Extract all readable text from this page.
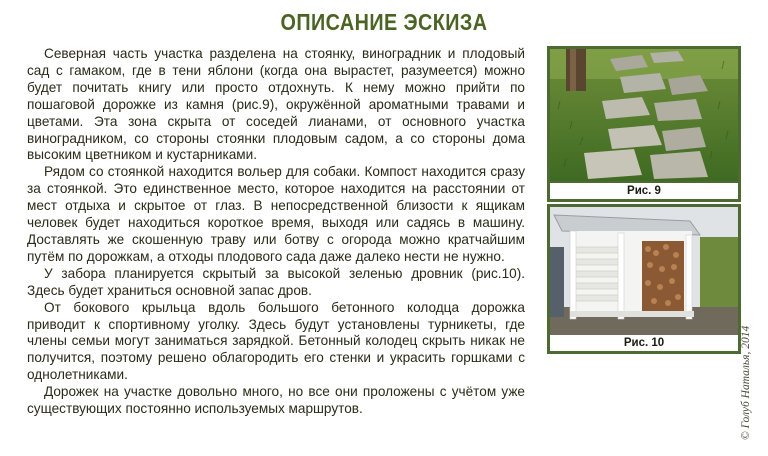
ОПИСАНИЕ ЭСКИЗА

Северная часть участка разделена на стоянку, виноградник и плодовый сад с гамаком, где в тени яблони (когда она вырастет, разумеется) можно будет почитать книгу или просто отдохнуть. К нему можно прийти по пошаговой дорожке из камня (рис.9), окружённой ароматными травами и цветами. Эта зона скрыта от соседей лианами, от основного участка виноградником, со стороны стоянки плодовым садом, а со стороны дома высоким цветником и кустарниками.

Рядом со стоянкой находится вольер для собаки. Компост находится сразу за стоянкой. Это единственное место, которое находится на расстоянии от мест отдыха и скрытое от глаз. В непосредственной близости к ящикам человек будет находиться короткое время, выходя или садясь в машину. Доставлять же скошенную траву или ботву с огорода можно кратчайшим путём по дорожкам, а отходы плодового сада даже далеко нести не нужно.

У забора планируется скрытый за высокой зеленью дровник (рис.10). Здесь будет храниться основной запас дров.

От бокового крыльца вдоль большого бетонного колодца дорожка приводит к спортивному уголку. Здесь будут установлены турникеты, где члены семьи могут заниматься зарядкой. Бетонный колодец скрыть никак не получится, поэтому решено облагородить его стенки и украсить горшками с однолетниками.

Дорожек на участке довольно много, но все они проложены с учётом уже существующих постоянно используемых маршрутов.

Рис. 9
Рис. 10	© Голуб Наталья, 2014
